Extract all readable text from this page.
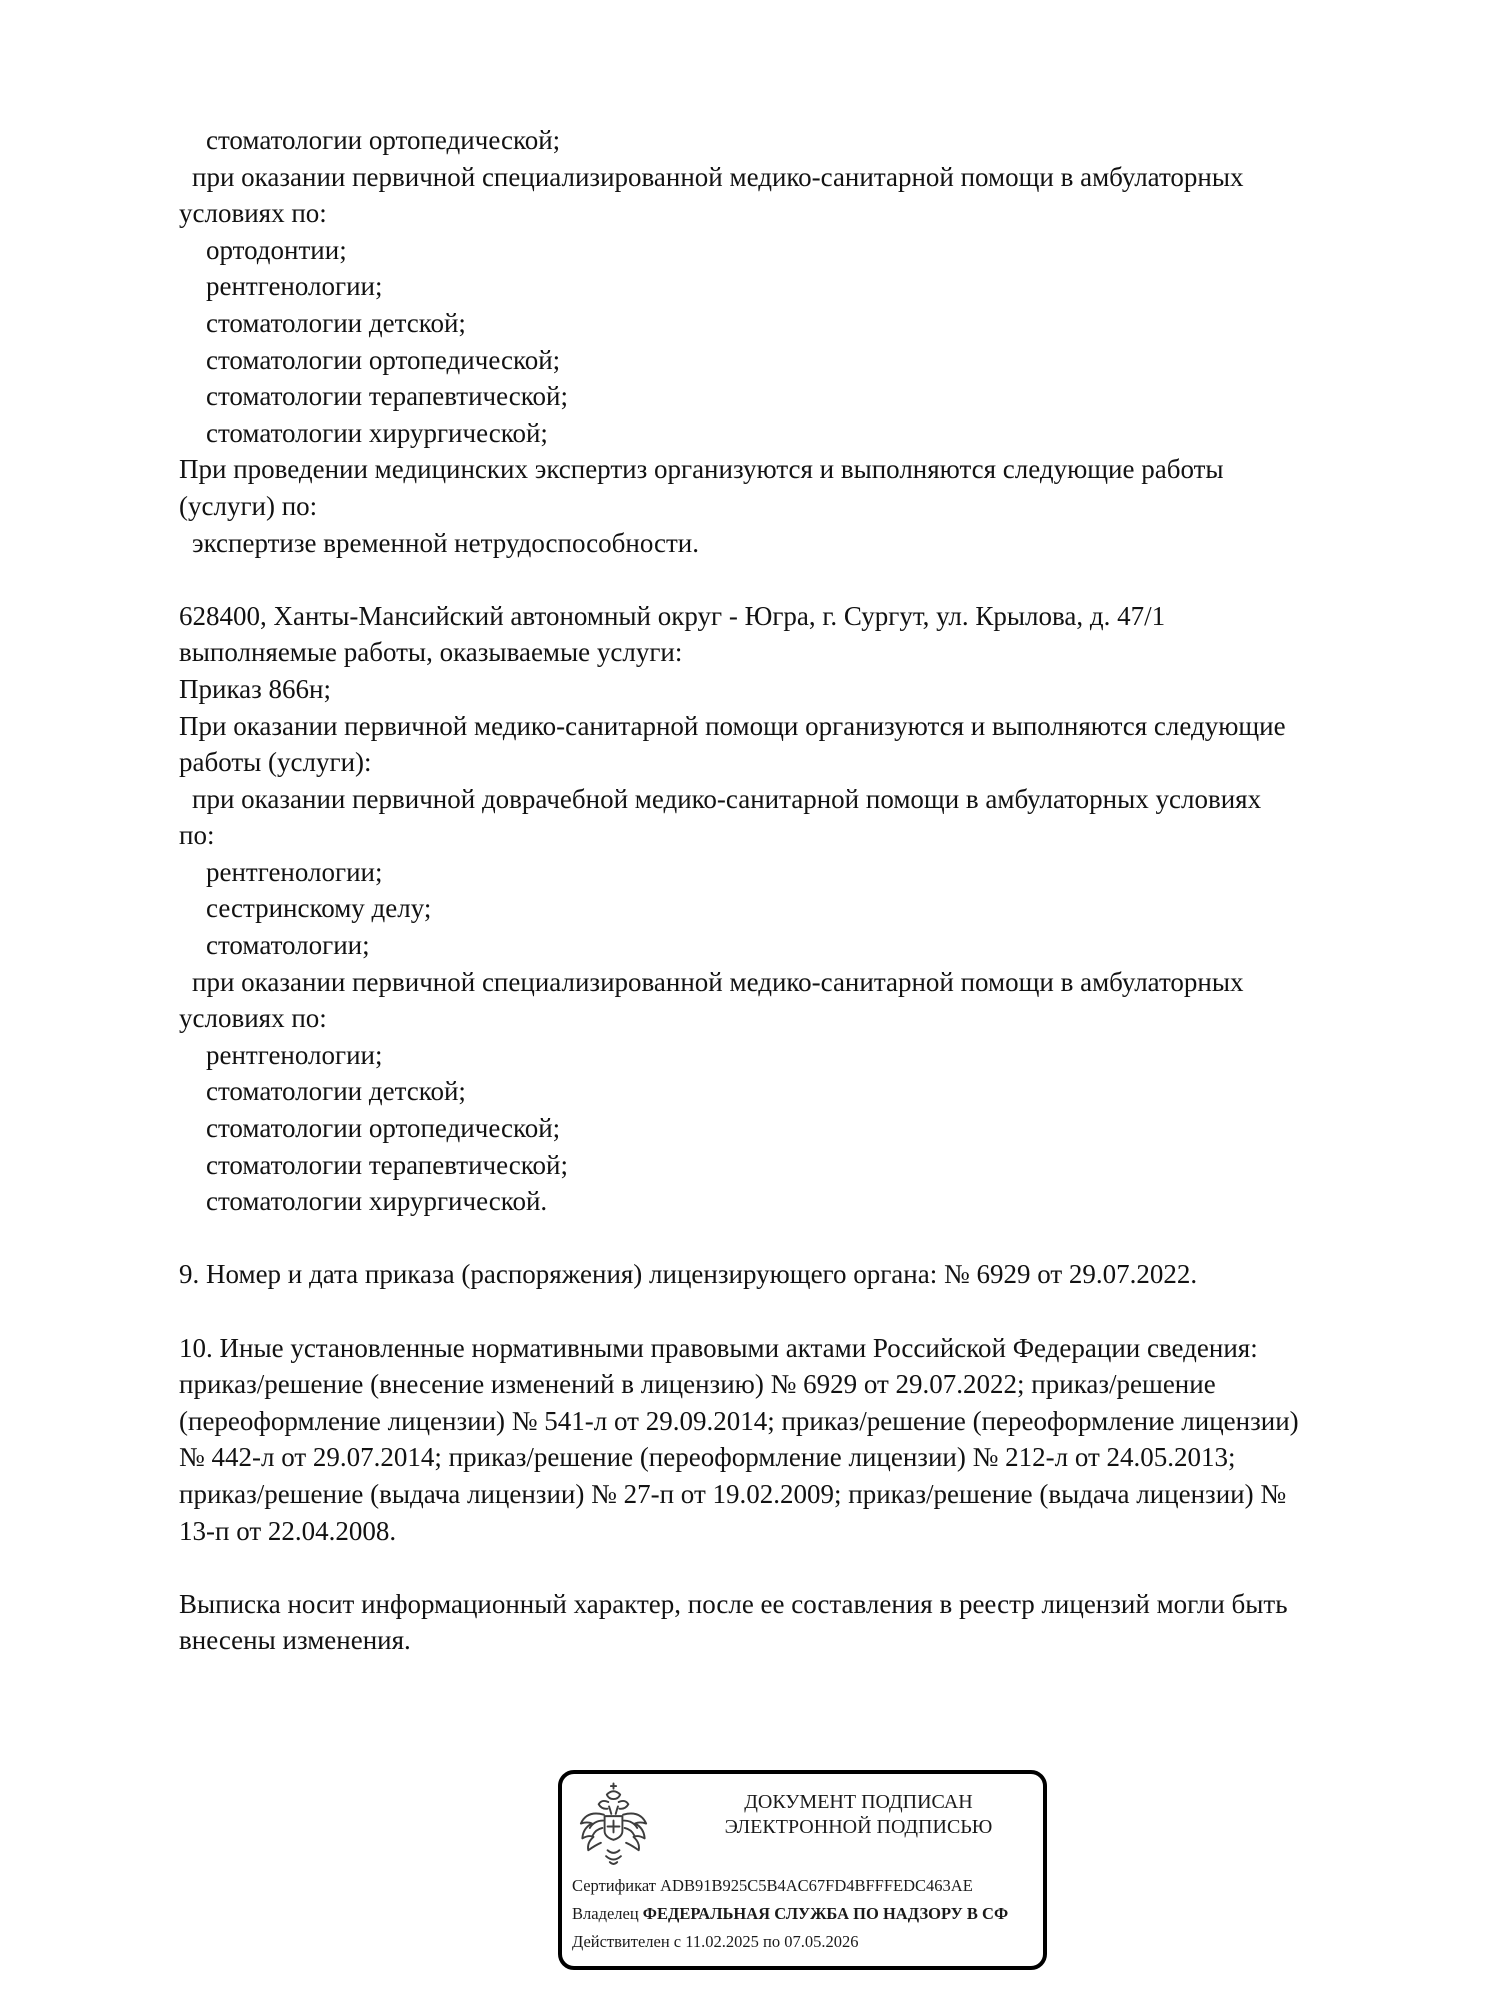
стоматологии ортопедической;
при оказании первичной специализированной медико-санитарной помощи в амбулаторных
условиях по:
ортодонтии;
рентгенологии;
стоматологии детской;
стоматологии ортопедической;
стоматологии терапевтической;
стоматологии хирургической;
При проведении медицинских экспертиз организуются и выполняются следующие работы
(услуги) по:
экспертизе временной нетрудоспособности.

628400, Ханты-Мансийский автономный округ - Югра, г. Сургут, ул. Крылова, д. 47/1
выполняемые работы, оказываемые услуги:
Приказ 866н;
При оказании первичной медико-санитарной помощи организуются и выполняются следующие
работы (услуги):
при оказании первичной доврачебной медико-санитарной помощи в амбулаторных условиях
по:
рентгенологии;
сестринскому делу;
стоматологии;
при оказании первичной специализированной медико-санитарной помощи в амбулаторных
условиях по:
рентгенологии;
стоматологии детской;
стоматологии ортопедической;
стоматологии терапевтической;
стоматологии хирургической.

9. Номер и дата приказа (распоряжения) лицензирующего органа: № 6929 от 29.07.2022.

10. Иные установленные нормативными правовыми актами Российской Федерации сведения:
приказ/решение (внесение изменений в лицензию) № 6929 от 29.07.2022; приказ/решение
(переоформление лицензии) № 541-л от 29.09.2014; приказ/решение (переоформление лицензии)
№ 442-л от 29.07.2014; приказ/решение (переоформление лицензии) № 212-л от 24.05.2013;
приказ/решение (выдача лицензии) № 27-п от 19.02.2009; приказ/решение (выдача лицензии) №
13-п от 22.04.2008.

Выписка носит информационный характер, после ее составления в реестр лицензий могли быть
внесены изменения.
ДОКУМЕНТ ПОДПИСАН
ЭЛЕКТРОННОЙ ПОДПИСЬЮ
Сертификат ADB91B925C5B4AC67FD4BFFFEDC463AE
Владелец ФЕДЕРАЛЬНАЯ СЛУЖБА ПО НАДЗОРУ В СФ
Действителен с 11.02.2025 по 07.05.2026
